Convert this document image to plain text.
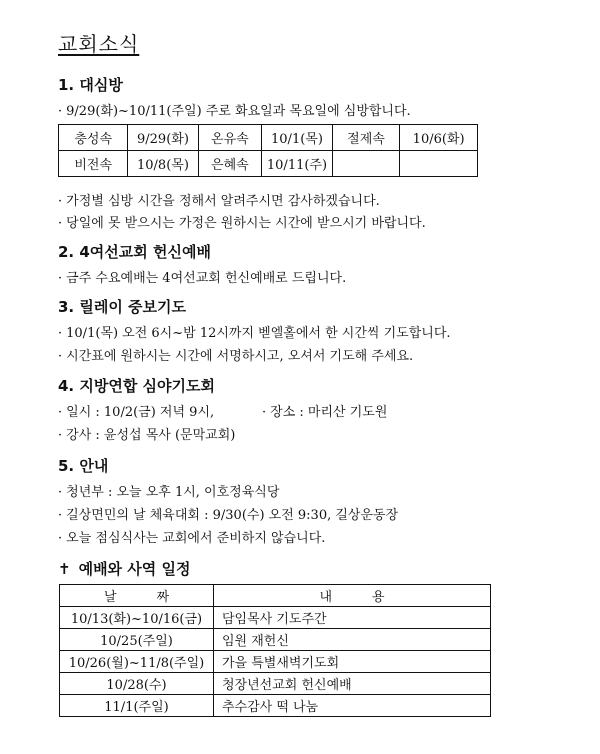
교회소식
1. 대심방
· 9/29(화)~10/11(주일) 주로 화요일과 목요일에 심방합니다.
충성속	9/29(화)	온유속	10/1(목)	절제속	10/6(화)
비전속	10/8(목)	은혜속	10/11(주)		
· 가정별 심방 시간을 정해서 알려주시면 감사하겠습니다.
· 당일에 못 받으시는 가정은 원하시는 시간에 받으시기 바랍니다.
2. 4여선교회 헌신예배
· 금주 수요예배는 4여선교회 헌신예배로 드립니다.
3. 릴레이 중보기도
· 10/1(목) 오전 6시~밤 12시까지 벧엘홀에서 한 시간씩 기도합니다.
· 시간표에 원하시는 시간에 서명하시고, 오셔서 기도해 주세요.
4. 지방연합 심야기도회
· 일시 : 10/2(금) 저녁 9시,	· 장소 : 마리산 기도원
· 강사 : 윤성섭 목사 (문막교회)
5. 안내
· 청년부 : 오늘 오후 1시, 이호정육식당
· 길상면민의 날 체육대회 : 9/30(수) 오전 9:30, 길상운동장
· 오늘 점심식사는 교회에서 준비하지 않습니다.
✝ 예배와 사역 일정
날짜	내용
10/13(화)~10/16(금)	담임목사 기도주간
10/25(주일)	임원 재헌신
10/26(월)~11/8(주일)	가을 특별새벽기도회
10/28(수)	청장년선교회 헌신예배
11/1(주일)	추수감사 떡 나눔
